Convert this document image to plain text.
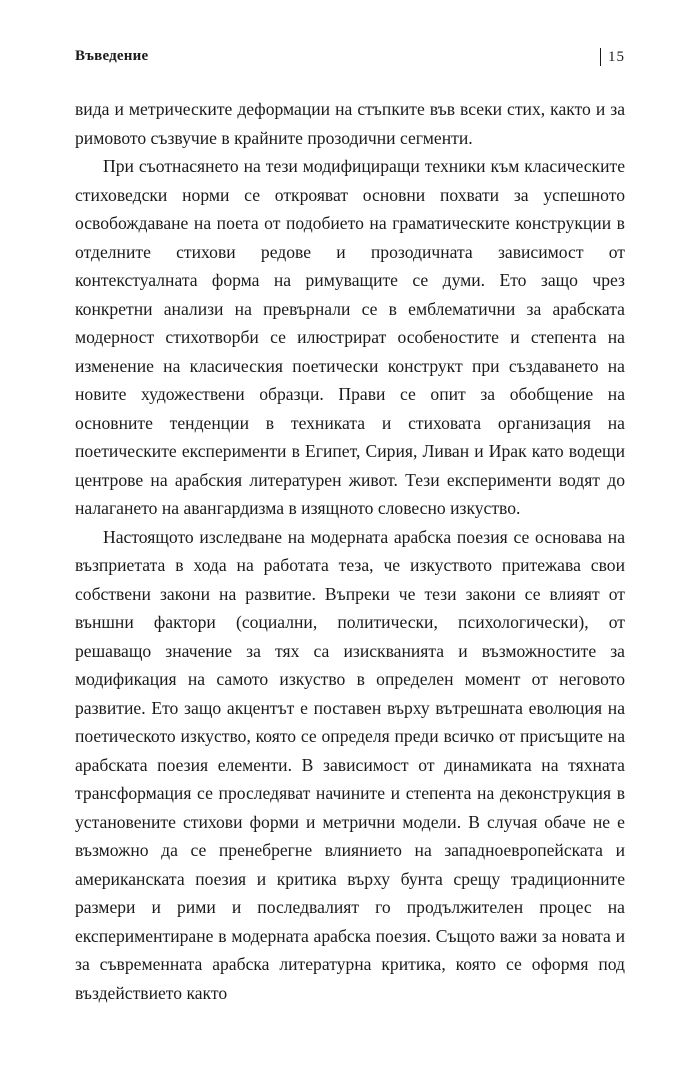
Въведение	15

вида и метрическите деформации на стъпките във всеки стих, както и за римовото съзвучие в крайните прозодични сегменти.

При съотнасянето на тези модифициращи техники към класическите стиховедски норми се открояват основни похвати за успешното освобождаване на поета от подобието на граматическите конструкции в отделните стихови редове и прозодичната зависимост от контекстуалната форма на римуващите се думи. Ето защо чрез конкретни анализи на превърнали се в емблематични за арабската модерност стихотворби се илюстрират особеностите и степента на изменение на класическия поетически конструкт при създаването на новите художествени образци. Прави се опит за обобщение на основните тенденции в техниката и стиховата организация на поетическите експерименти в Египет, Сирия, Ливан и Ирак като водещи центрове на арабския литературен живот. Тези експерименти водят до налагането на авангардизма в изящното словесно изкуство.

Настоящото изследване на модерната арабска поезия се основава на възприетата в хода на работата теза, че изкуството притежава свои собствени закони на развитие. Въпреки че тези закони се влияят от външни фактори (социални, политически, психологически), от решаващо значение за тях са изискванията и възможностите за модификация на самото изкуство в определен момент от неговото развитие. Ето защо акцентът е поставен върху вътрешната еволюция на поетическото изкуство, която се определя преди всичко от присъщите на арабската поезия елементи. В зависимост от динамиката на тяхната трансформация се проследяват начините и степента на деконструкция в установените стихови форми и метрични модели. В случая обаче не е възможно да се пренебрегне влиянието на западноевропейската и американската поезия и критика върху бунта срещу традиционните размери и рими и последвалият го продължителен процес на експериментиране в модерната арабска поезия. Същото важи за новата и за съвременната арабска литературна критика, която се оформя под въздействието както
